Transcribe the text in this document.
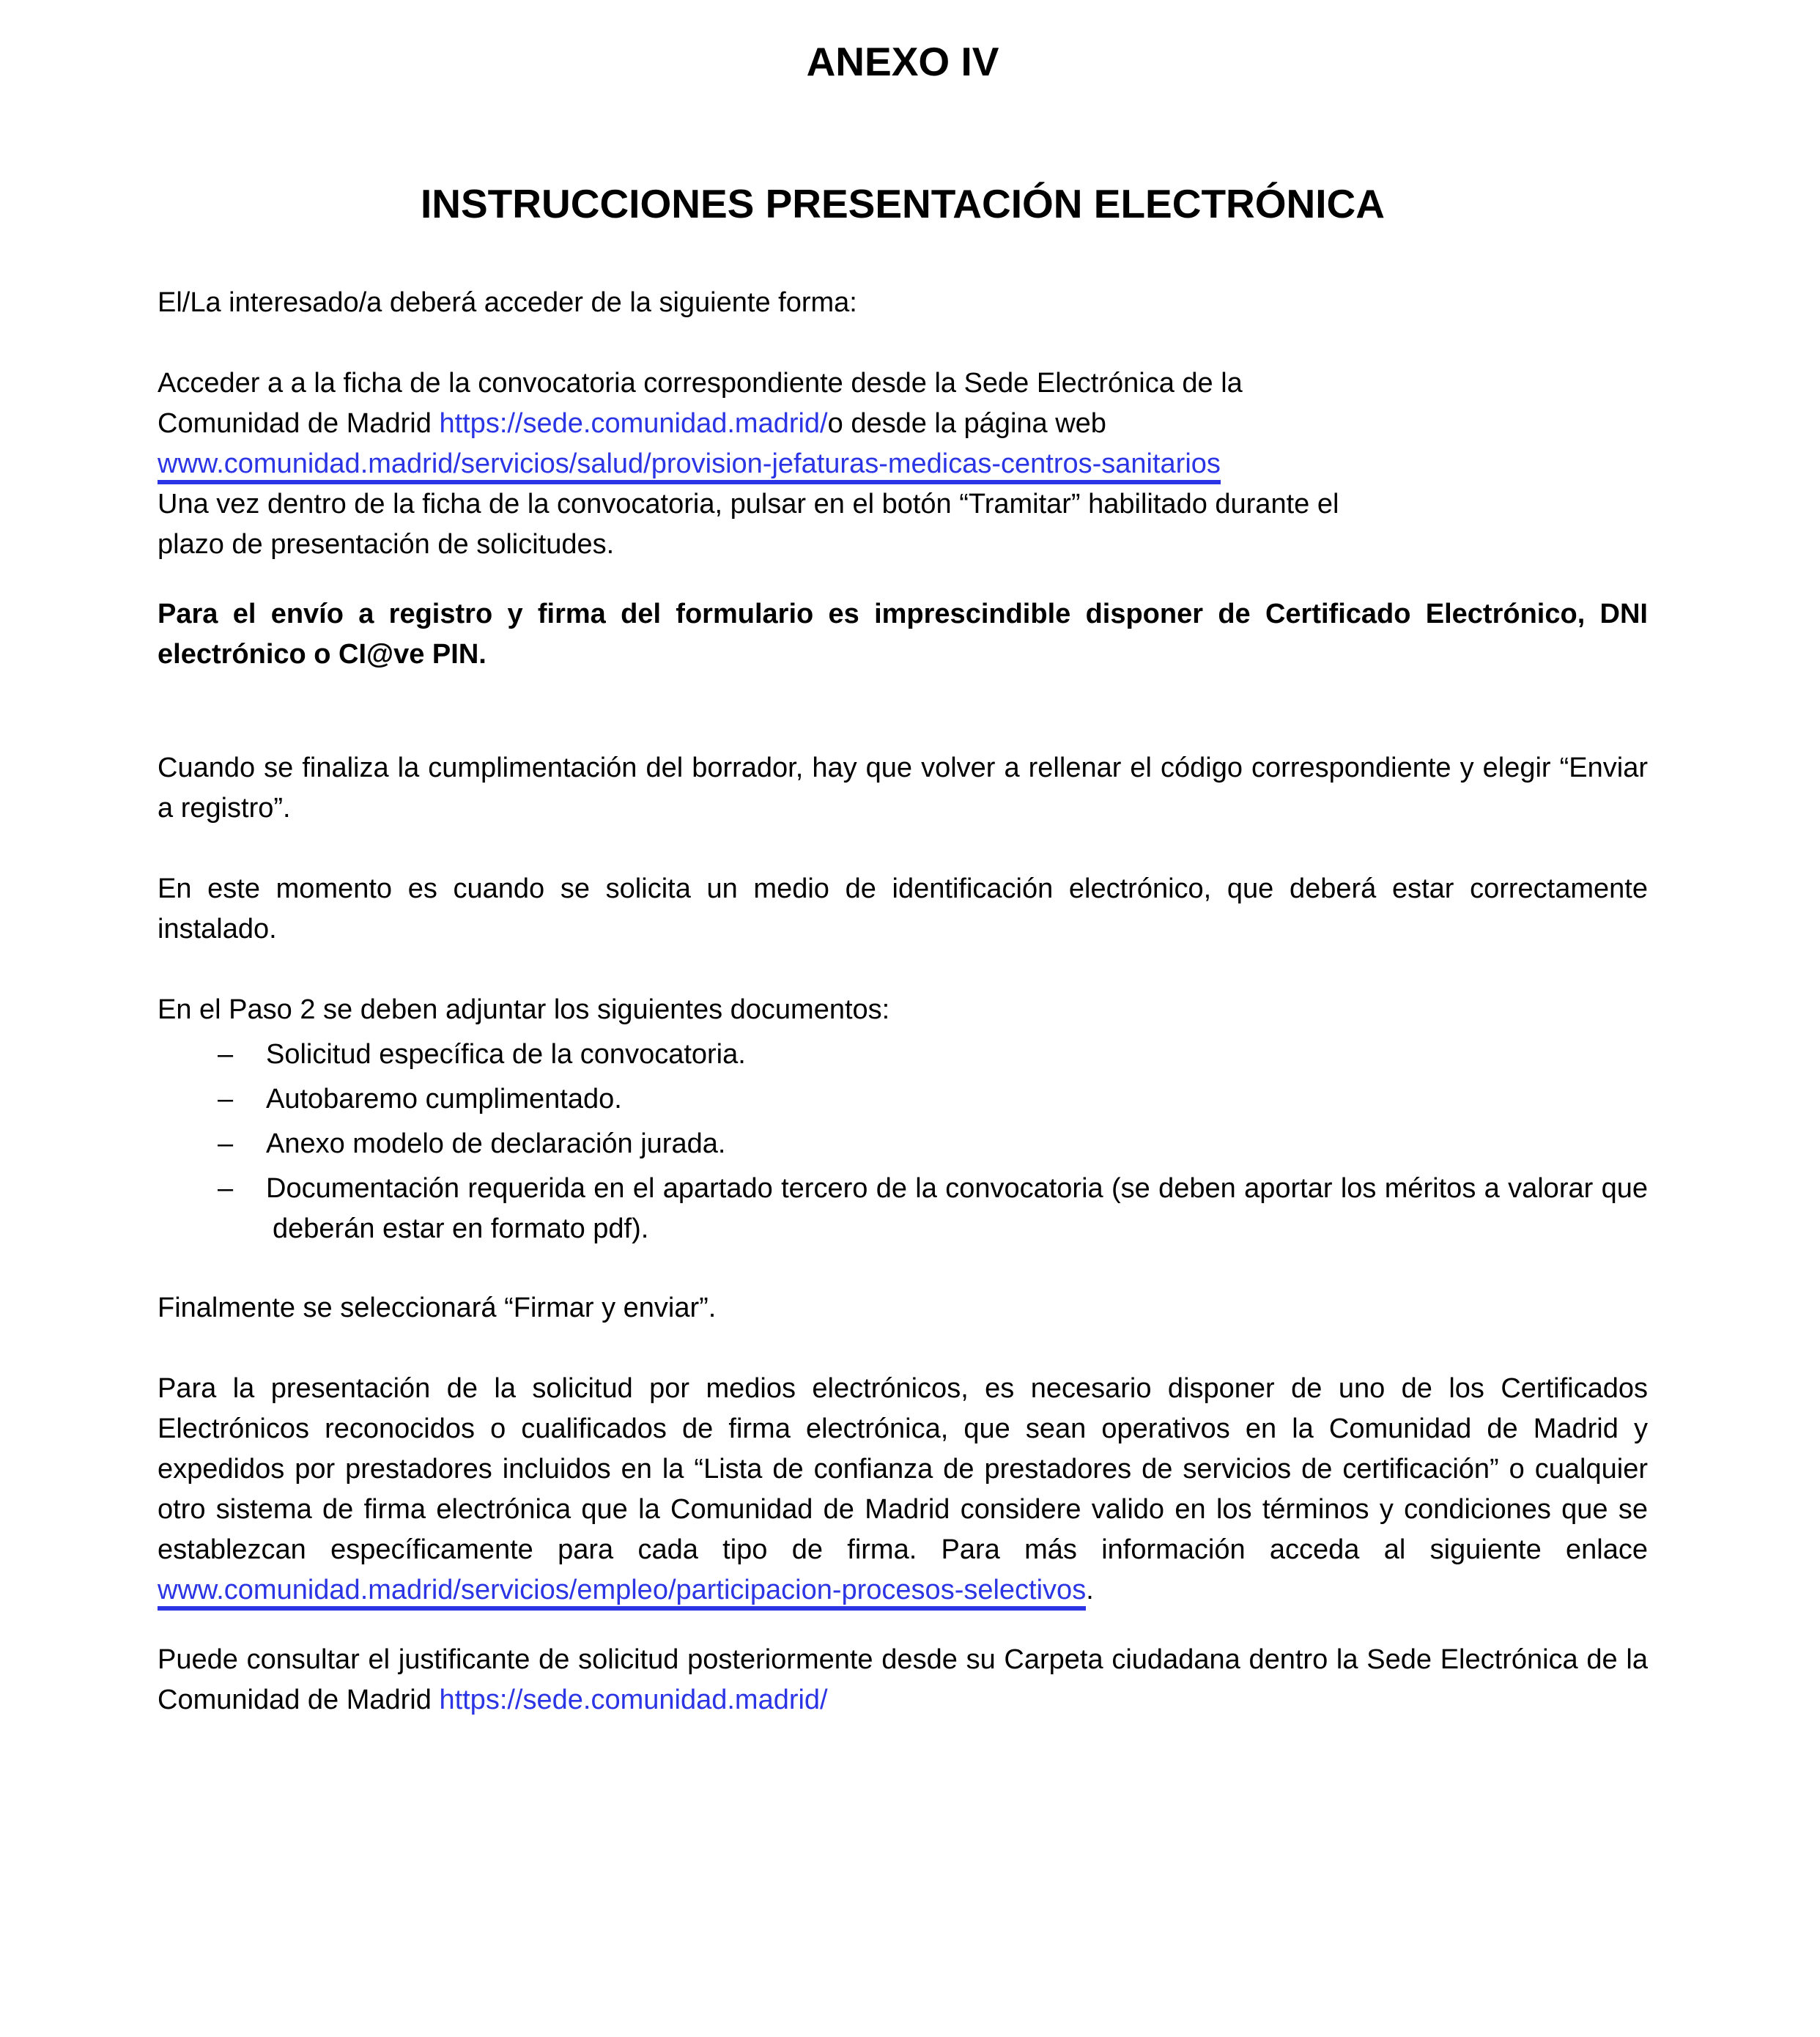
ANEXO IV
INSTRUCCIONES PRESENTACIÓN ELECTRÓNICA

El/La interesado/a deberá acceder de la siguiente forma:

Acceder a a la ficha de la convocatoria correspondiente desde la Sede Electrónica de la
Comunidad de Madrid https://sede.comunidad.madrid/o desde la página web
www.comunidad.madrid/servicios/salud/provision-jefaturas-medicas-centros-sanitarios
Una vez dentro de la ficha de la convocatoria, pulsar en el botón “Tramitar” habilitado durante el
plazo de presentación de solicitudes.

Para el envío a registro y firma del formulario es imprescindible disponer de Certificado Electrónico, DNI electrónico o CI@ve PIN.

Cuando se finaliza la cumplimentación del borrador, hay que volver a rellenar el código correspondiente y elegir “Enviar a registro”.

En este momento es cuando se solicita un medio de identificación electrónico, que deberá estar correctamente instalado.

En el Paso 2 se deben adjuntar los siguientes documentos:

– Solicitud específica de la convocatoria.
– Autobaremo cumplimentado.
– Anexo modelo de declaración jurada.
– Documentación requerida en el apartado tercero de la convocatoria (se deben aportar los méritos a valorar que deberán estar en formato pdf).

Finalmente se seleccionará “Firmar y enviar”.

Para la presentación de la solicitud por medios electrónicos, es necesario disponer de uno de los Certificados Electrónicos reconocidos o cualificados de firma electrónica, que sean operativos en la Comunidad de Madrid y expedidos por prestadores incluidos en la “Lista de confianza de prestadores de servicios de certificación” o cualquier otro sistema de firma electrónica que la Comunidad de Madrid considere valido en los términos y condiciones que se establezcan específicamente para cada tipo de firma. Para más información acceda al siguiente enlace www.comunidad.madrid/servicios/empleo/participacion-procesos-selectivos.

Puede consultar el justificante de solicitud posteriormente desde su Carpeta ciudadana dentro la Sede Electrónica de la Comunidad de Madrid https://sede.comunidad.madrid/
